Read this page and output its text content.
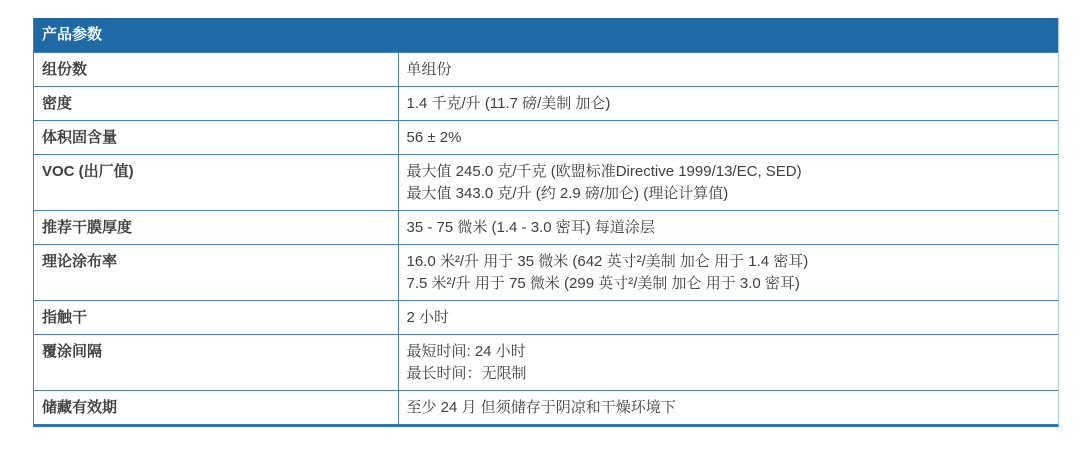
产品参数
组份数	单组份

密度	1.4 千克/升 (11.7 磅/美制 加仑)

体积固含量	56 ± 2%

VOC (出厂值)	最大值 245.0 克/千克 (欧盟标准Directive 1999/13/EC, SED)
最大值 343.0 克/升 (约 2.9 磅/加仑) (理论计算值)

推荐干膜厚度	35 - 75 微米 (1.4 - 3.0 密耳) 每道涂层

理论涂布率	16.0 米²/升 用于 35 微米 (642 英寸²/美制 加仑 用于 1.4 密耳)
7.5 米²/升 用于 75 微米 (299 英寸²/美制 加仑 用于 3.0 密耳)

指触干	2 小时

覆涂间隔	最短时间: 24 小时
最长时间：无限制

储藏有效期	至少 24 月 但须储存于阴凉和干燥环境下
